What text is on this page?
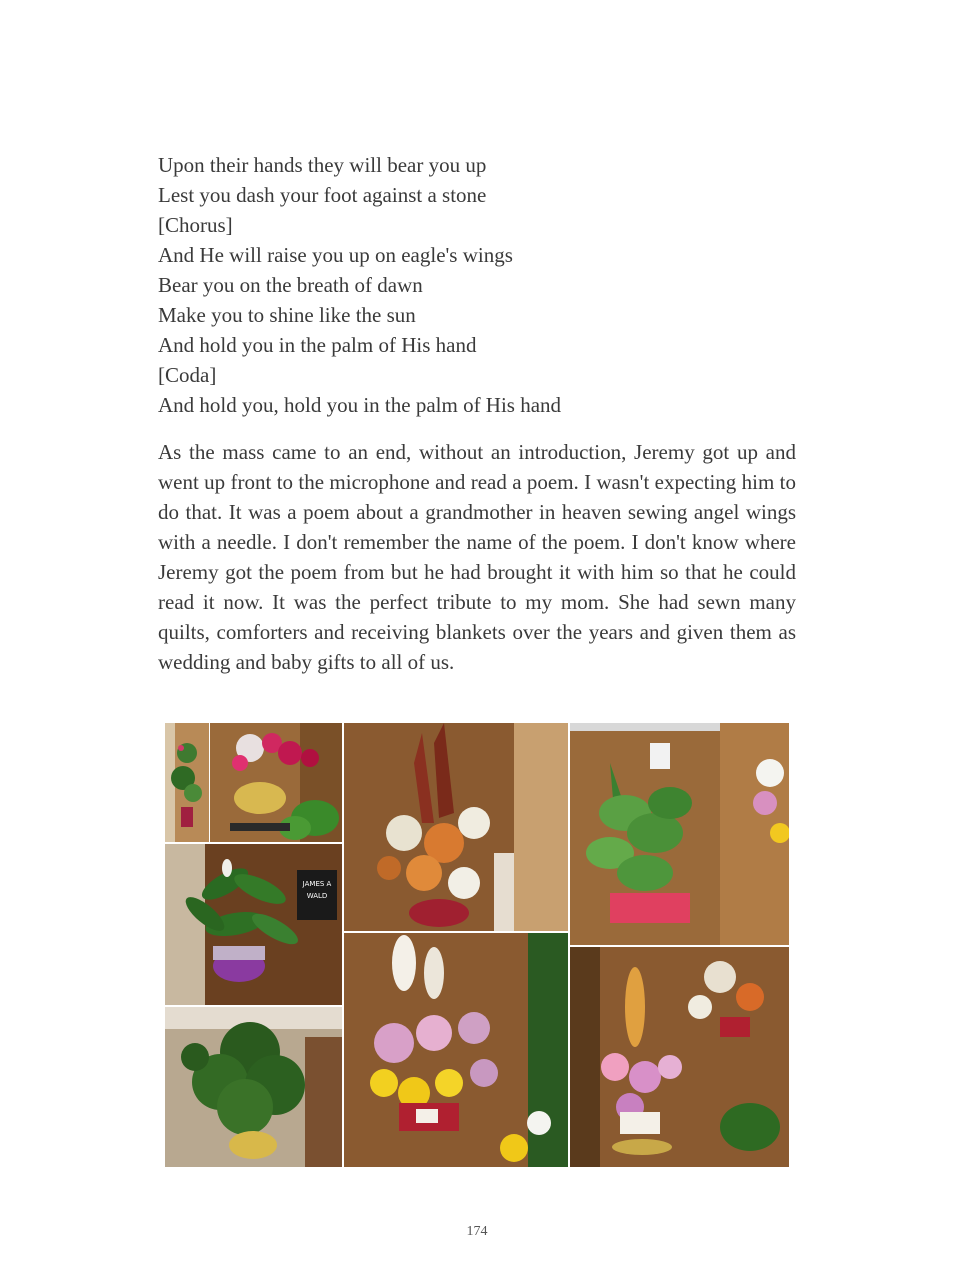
Upon their hands they will bear you up
Lest you dash your foot against a stone
[Chorus]
And He will raise you up on eagle's wings
Bear you on the breath of dawn
Make you to shine like the sun
And hold you in the palm of His hand
[Coda]
And hold you, hold you in the palm of His hand

As the mass came to an end, without an introduction, Jeremy got up and went up front to the microphone and read a poem. I wasn't expecting him to do that. It was a poem about a grandmother in heaven sewing angel wings with a needle. I don't remember the name of the poem. I don't know where Jeremy got the poem from but he had brought it with him so that he could read it now. It was the perfect tribute to my mom. She had sewn many quilts, comforters and receiving blankets over the years and given them as wedding and baby gifts to all of us.

JAMES A
WALD
174
